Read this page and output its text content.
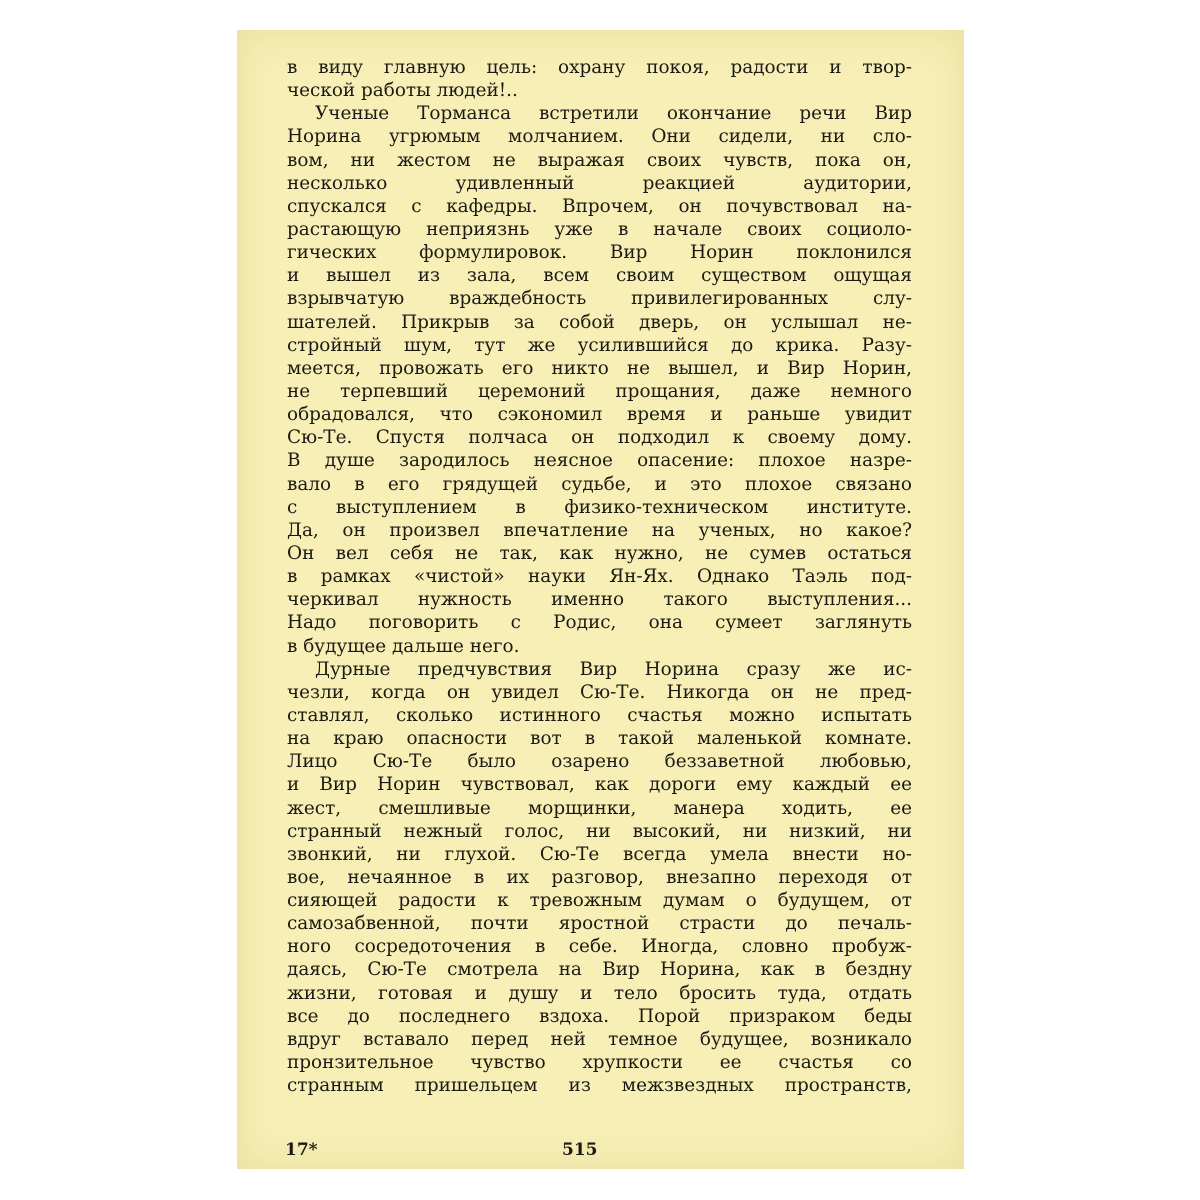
в виду главную цель: охрану покоя, радости и твор-
ческой работы людей!..
Ученые Торманса встретили окончание речи Вир
Норина угрюмым молчанием. Они сидели, ни сло-
вом, ни жестом не выражая своих чувств, пока он,
несколько удивленный реакцией аудитории,
спускался с кафедры. Впрочем, он почувствовал на-
растающую неприязнь уже в начале своих социоло-
гических формулировок. Вир Норин поклонился
и вышел из зала, всем своим существом ощущая
взрывчатую враждебность привилегированных слу-
шателей. Прикрыв за собой дверь, он услышал не-
стройный шум, тут же усилившийся до крика. Разу-
меется, провожать его никто не вышел, и Вир Норин,
не терпевший церемоний прощания, даже немного
обрадовался, что сэкономил время и раньше увидит
Сю-Те. Спустя полчаса он подходил к своему дому.
В душе зародилось неясное опасение: плохое назре-
вало в его грядущей судьбе, и это плохое связано
с выступлением в физико-техническом институте.
Да, он произвел впечатление на ученых, но какое?
Он вел себя не так, как нужно, не сумев остаться
в рамках «чистой» науки Ян-Ях. Однако Таэль под-
черкивал нужность именно такого выступления...
Надо поговорить с Родис, она сумеет заглянуть
в будущее дальше него.
Дурные предчувствия Вир Норина сразу же ис-
чезли, когда он увидел Сю-Те. Никогда он не пред-
ставлял, сколько истинного счастья можно испытать
на краю опасности вот в такой маленькой комнате.
Лицо Сю-Те было озарено беззаветной любовью,
и Вир Норин чувствовал, как дороги ему каждый ее
жест, смешливые морщинки, манера ходить, ее
странный нежный голос, ни высокий, ни низкий, ни
звонкий, ни глухой. Сю-Те всегда умела внести но-
вое, нечаянное в их разговор, внезапно переходя от
сияющей радости к тревожным думам о будущем, от
самозабвенной, почти яростной страсти до печаль-
ного сосредоточения в себе. Иногда, словно пробуж-
даясь, Сю-Те смотрела на Вир Норина, как в бездну
жизни, готовая и душу и тело бросить туда, отдать
все до последнего вздоха. Порой призраком беды
вдруг вставало перед ней темное будущее, возникало
пронзительное чувство хрупкости ее счастья со
странным пришельцем из межзвездных пространств,
17*	515
